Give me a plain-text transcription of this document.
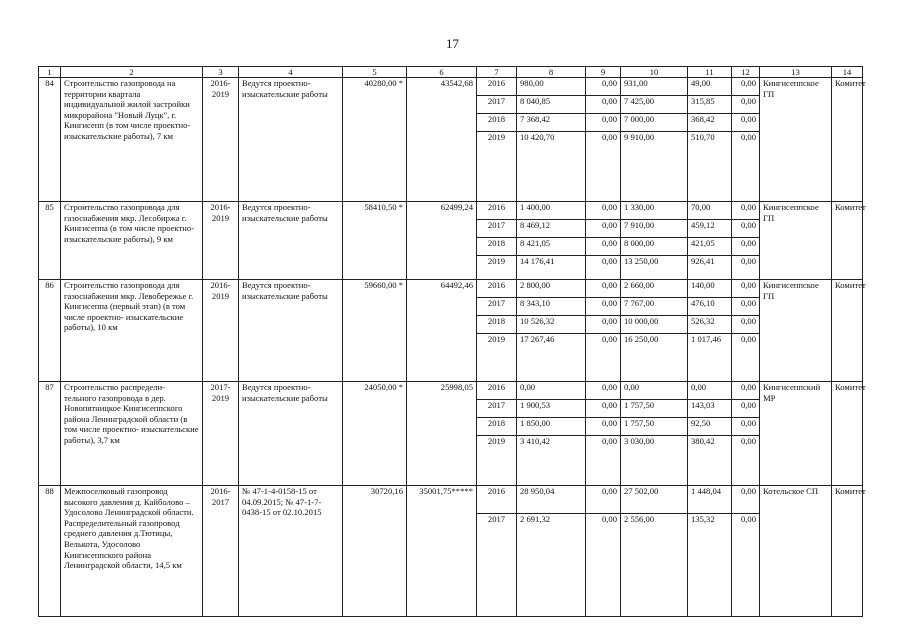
17
1	2	3	4	5	6	7	8	9	10	11	12	13	14
84	Строительство газопровода на территории квартала индивидуальной жилой застройки микрорайона "Новый Луцк", г. Кингисепп (в том числе проектно-изыскательские работы), 7 км	2016- 2019	Ведутся проектно- изыскательские работы	40280,00 *	43542,68	2016	980,00	0,00	931,00	49,00	0,00	Кингисеппское ГП	Комитет
						2017	8 040,85	0,00	7 425,00	315,85	0,00		
						2018	7 368,42	0,00	7 000,00	368,42	0,00		
						2019	10 420,70	0,00	9 910,00	510,70	0,00		
85	Строительство газопровода для газоснабжения мкр. Лесобиржа г. Кингисеппа (в том числе проектно-изыскательские работы), 9 км	2016- 2019	Ведутся проектно- изыскательские работы	58410,50 *	62499,24	2016	1 400,00	0,00	1 330,00	70,00	0,00	Кингисеппское ГП	Комитет
						2017	8 469,12	0,00	7 910,00	459,12	0,00		
						2018	8 421,05	0,00	8 000,00	421,05	0,00		
						2019	14 176,41	0,00	13 250,00	926,41	0,00		
86	Строительство газопровода для газоснабжения мкр. Левобережье г. Кингисеппа (первый этап) (в том числе проектно- изыскательские работы), 10 км	2016- 2019	Ведутся проектно- изыскательские работы	59660,00 *	64492,46	2016	2 800,00	0,00	2 660,00	140,00	0,00	Кингисеппское ГП	Комитет
						2017	8 343,10	0,00	7 767,00	476,10	0,00		
						2018	10 526,32	0,00	10 000,00	526,32	0,00		
						2019	17 267,46	0,00	16 250,00	1 017,46	0,00		
87	Строительство распредели- тельного газопровода в дер. Новопятницкое Кингисеппского района Ленинградской области (в том числе проектно- изыскательские работы), 3,7 км	2017- 2019	Ведутся проектно- изыскательские работы	24050,00 *	25998,05	2016	0,00	0,00	0,00	0,00	0,00	Кингисеппский МР	Комитет
						2017	1 900,53	0,00	1 757,50	143,03	0,00		
						2018	1 850,00	0,00	1 757,50	92,50	0,00		
						2019	3 410,42	0,00	3 030,00	380,42	0,00		
88	Межпоселковый газопровод высокого давления д. Кайболово – Удосолово Ленинградской области. Распределительный газопровод среднего давления д.Тютицы, Велькота, Удосолово Кингисеппского района Ленинградской области, 14,5 км	2016- 2017	№ 47-1-4-0158-15 от 04.09.2015; № 47-1-7-0438-15 от 02.10.2015	30720,16	35001,75*****	2016	28 950,04	0,00	27 502,00	1 448,04	0,00	Котельское СП	Комитет
						2017	2 691,32	0,00	2 556,00	135,32	0,00		
